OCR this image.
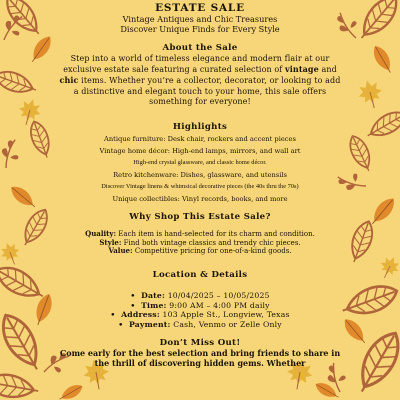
ESTATE SALE
Vintage Antiques and Chic Treasures
Discover Unique Finds for Every Style
About the Sale
Step into a world of timeless elegance and modern flair at our exclusive estate sale featuring a curated selection of vintage and chic items. Whether you’re a collector, decorator, or looking to add a distinctive and elegant touch to your home, this sale offers something for everyone!
Highlights
Antique furniture: Desk chair, rockers and accent pieces
Vintage home décor: High-end lamps, mirrors, and wall art
High-end crystal glassware, and classic home décor.
Retro kitchenware: Dishes, glassware, and utensils
Discover Vintage linens & whimsical decorative pieces (the 40s thru the 70s)
Unique collectibles: Vinyl records, books, and more
Why Shop This Estate Sale?
Quality: Each item is hand-selected for its charm and condition.
Style: Find both vintage classics and trendy chic pieces.
Value: Competitive pricing for one-of-a-kind goods.
Location & Details
• Date: 10/04/2025 – 10/05/2025
• Time: 9:00 AM – 4:00 PM daily
• Address: 103 Apple St., Longview, Texas
• Payment: Cash, Venmo or Zelle Only
Don’t Miss Out!
Come early for the best selection and bring friends to share in the thrill of discovering hidden gems. Whether
